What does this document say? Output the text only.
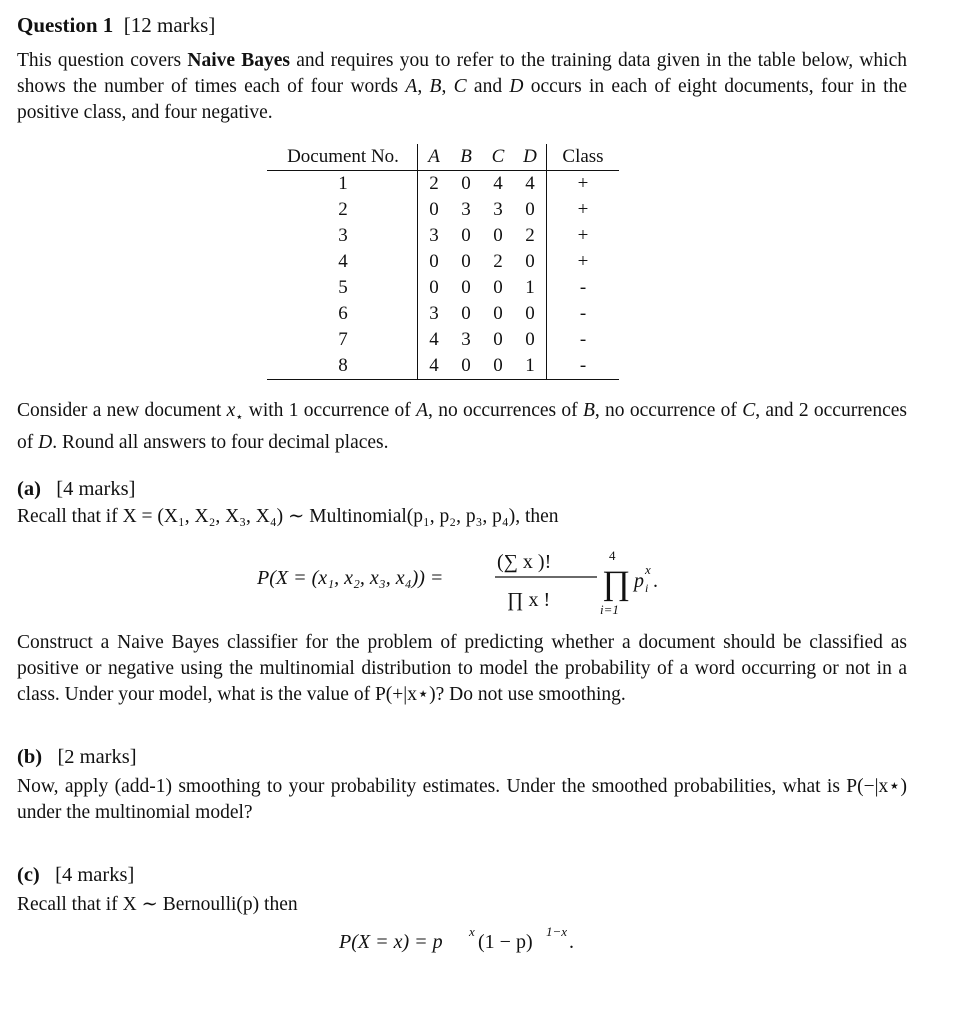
Question 1 [12 marks]

This question covers Naive Bayes and requires you to refer to the training data given in the table below, which shows the number of times each of four words A, B, C and D occurs in each of eight documents, four in the positive class, and four negative.

Document No.	A	B	C	D	Class
1	2	0	4	4	+
2	0	3	3	0	+
3	3	0	0	2	+
4	0	0	2	0	+
5	0	0	0	1	-
6	3	0	0	0	-
7	4	3	0	0	-
8	4	0	0	1	-

Consider a new document $x_⋆$ with 1 occurrence of A, no occurrences of B, no occurrence of C, and 2 occurrences of D. Round all answers to four decimal places.

(a) [4 marks]

Recall that if X = (X₁, X₂, X₃, X₄) ∼ Multinomial(p₁, p₂, p₃, p₄), then

P(X = (x₁, x₂, x₃, x₄)) =
(∑ x )!
∏ x ! ∏
4
i=1
p i
x
.

Construct a Naive Bayes classifier for the problem of predicting whether a document should be classified as positive or negative using the multinomial distribution to model the probability of a word occurring or not in a class. Under your model, what is the value of P(+|x⋆)? Do not use smoothing.

(b) [2 marks]

Now, apply (add-1) smoothing to your probability estimates. Under the smoothed probabilities, what is P(−|x⋆) under the multinomial model?

(c) [4 marks]

Recall that if X ∼ Bernoulli(p) then

P(X = x) = p x (1 − p) 1−x .
